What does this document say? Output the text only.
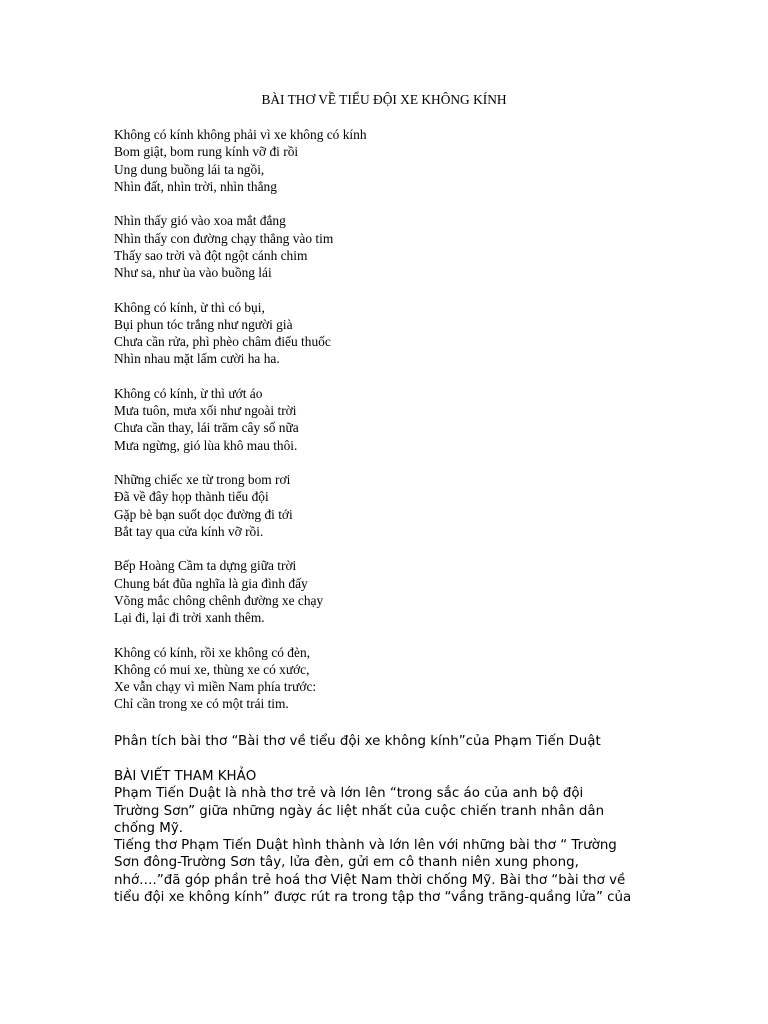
BÀI THƠ VỀ TIỂU ĐỘI XE KHÔNG KÍNH
Không có kính không phải vì xe không có kính
Bom giật, bom rung kính vỡ đi rồi
Ung dung buồng lái ta ngồi,
Nhìn đất, nhìn trời, nhìn thẳng
Nhìn thấy gió vào xoa mắt đắng
Nhìn thấy con đường chạy thẳng vào tim
Thấy sao trời và đột ngột cánh chim
Như sa, như ùa vào buồng lái
Không có kính, ừ thì có bụi,
Bụi phun tóc trắng như người già
Chưa cần rửa, phì phèo châm điếu thuốc
Nhìn nhau mặt lấm cười ha ha.
Không có kính, ừ thì ướt áo
Mưa tuôn, mưa xối như ngoài trời
Chưa cần thay, lái trăm cây số nữa
Mưa ngừng, gió lùa khô mau thôi.
Những chiếc xe từ trong bom rơi
Đã về đây họp thành tiểu đội
Gặp bè bạn suốt dọc đường đi tới
Bắt tay qua cửa kính vỡ rồi.
Bếp Hoàng Cầm ta dựng giữa trời
Chung bát đũa nghĩa là gia đình đấy
Võng mắc chông chênh đường xe chạy
Lại đi, lại đi trời xanh thêm.
Không có kính, rồi xe không có đèn,
Không có mui xe, thùng xe có xước,
Xe vẫn chạy vì miền Nam phía trước:
Chỉ cần trong xe có một trái tim.
Phân tích bài thơ “Bài thơ về tiểu đội xe không kính”của Phạm Tiến Duật
BÀI VIẾT THAM KHẢO
Phạm Tiến Duật là nhà thơ trẻ và lớn lên “trong sắc áo của anh bộ đội
Trường Sơn” giữa những ngày ác liệt nhất của cuộc chiến tranh nhân dân
chống Mỹ.
Tiếng thơ Phạm Tiến Duật hình thành và lớn lên với những bài thơ “ Trường
Sơn đông-Trường Sơn tây, lửa đèn, gửi em cô thanh niên xung phong,
nhớ….”đã góp phần trẻ hoá thơ Việt Nam thời chống Mỹ. Bài thơ “bài thơ về
tiểu đội xe không kính” được rút ra trong tập thơ “vầng trăng-quầng lửa” của
